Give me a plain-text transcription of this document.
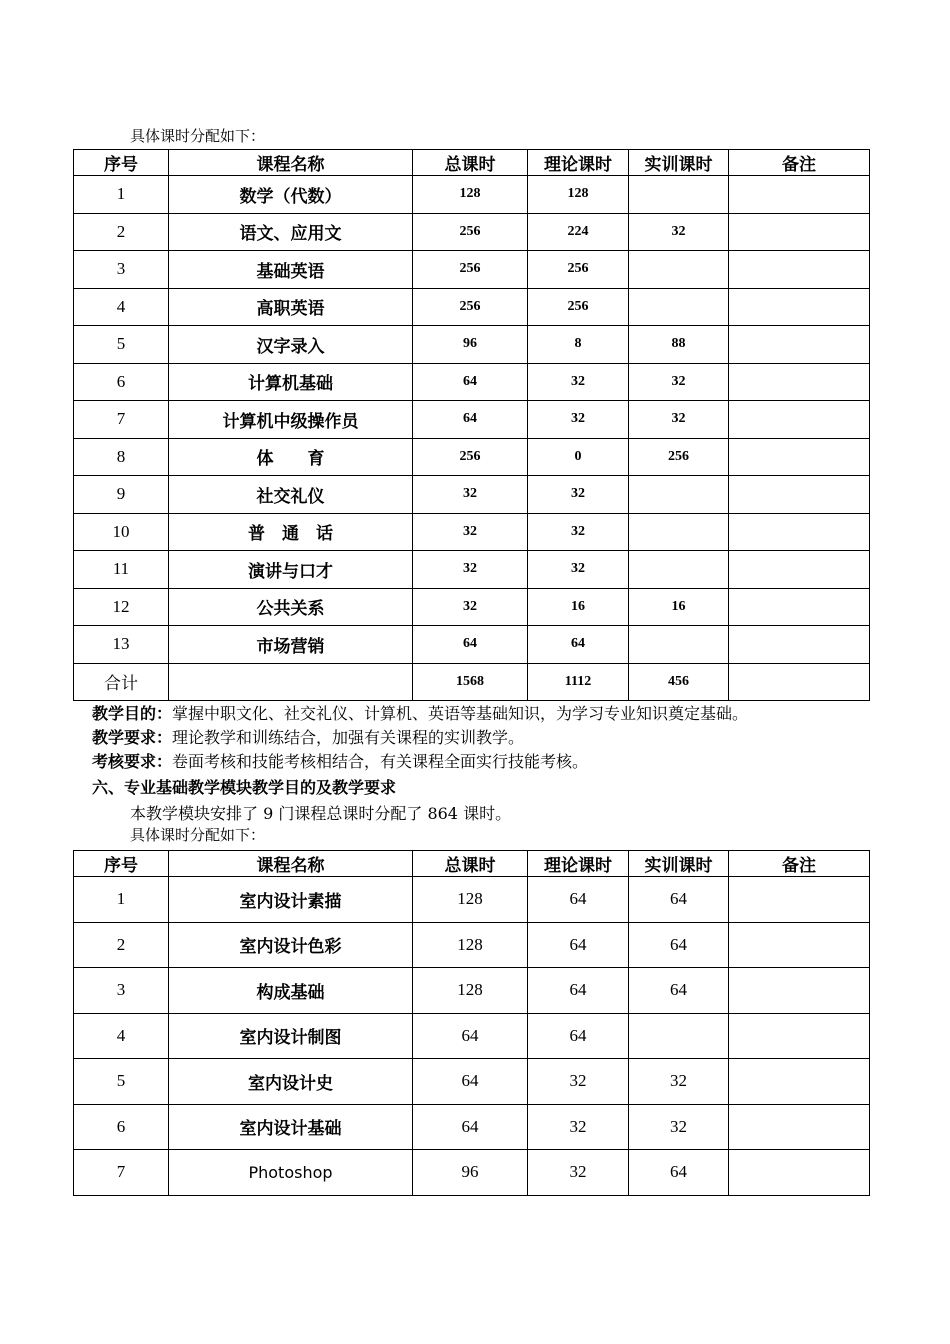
具体课时分配如下：
序号	课程名称	总课时	理论课时	实训课时	备注
1	数学（代数）	128	128		
2	语文、应用文	256	224	32	
3	基础英语	256	256		
4	高职英语	256	256		
5	汉字录入	96	8	88	
6	计算机基础	64	32	32	
7	计算机中级操作员	64	32	32	
8	体　　育	256	0	256	
9	社交礼仪	32	32		
10	普　通　话	32	32		
11	演讲与口才	32	32		
12	公共关系	32	16	16	
13	市场营销	64	64		
合计		1568	1112	456	
教学目的：掌握中职文化、社交礼仪、计算机、英语等基础知识，为学习专业知识奠定基础。
教学要求：理论教学和训练结合，加强有关课程的实训教学。
考核要求：卷面考核和技能考核相结合，有关课程全面实行技能考核。
六、专业基础教学模块教学目的及教学要求
本教学模块安排了 9 门课程总课时分配了 864 课时。
具体课时分配如下：
序号	课程名称	总课时	理论课时	实训课时	备注
1	室内设计素描	128	64	64	
2	室内设计色彩	128	64	64	
3	构成基础	128	64	64	
4	室内设计制图	64	64		
5	室内设计史	64	32	32	
6	室内设计基础	64	32	32	
7	Photoshop	96	32	64	
